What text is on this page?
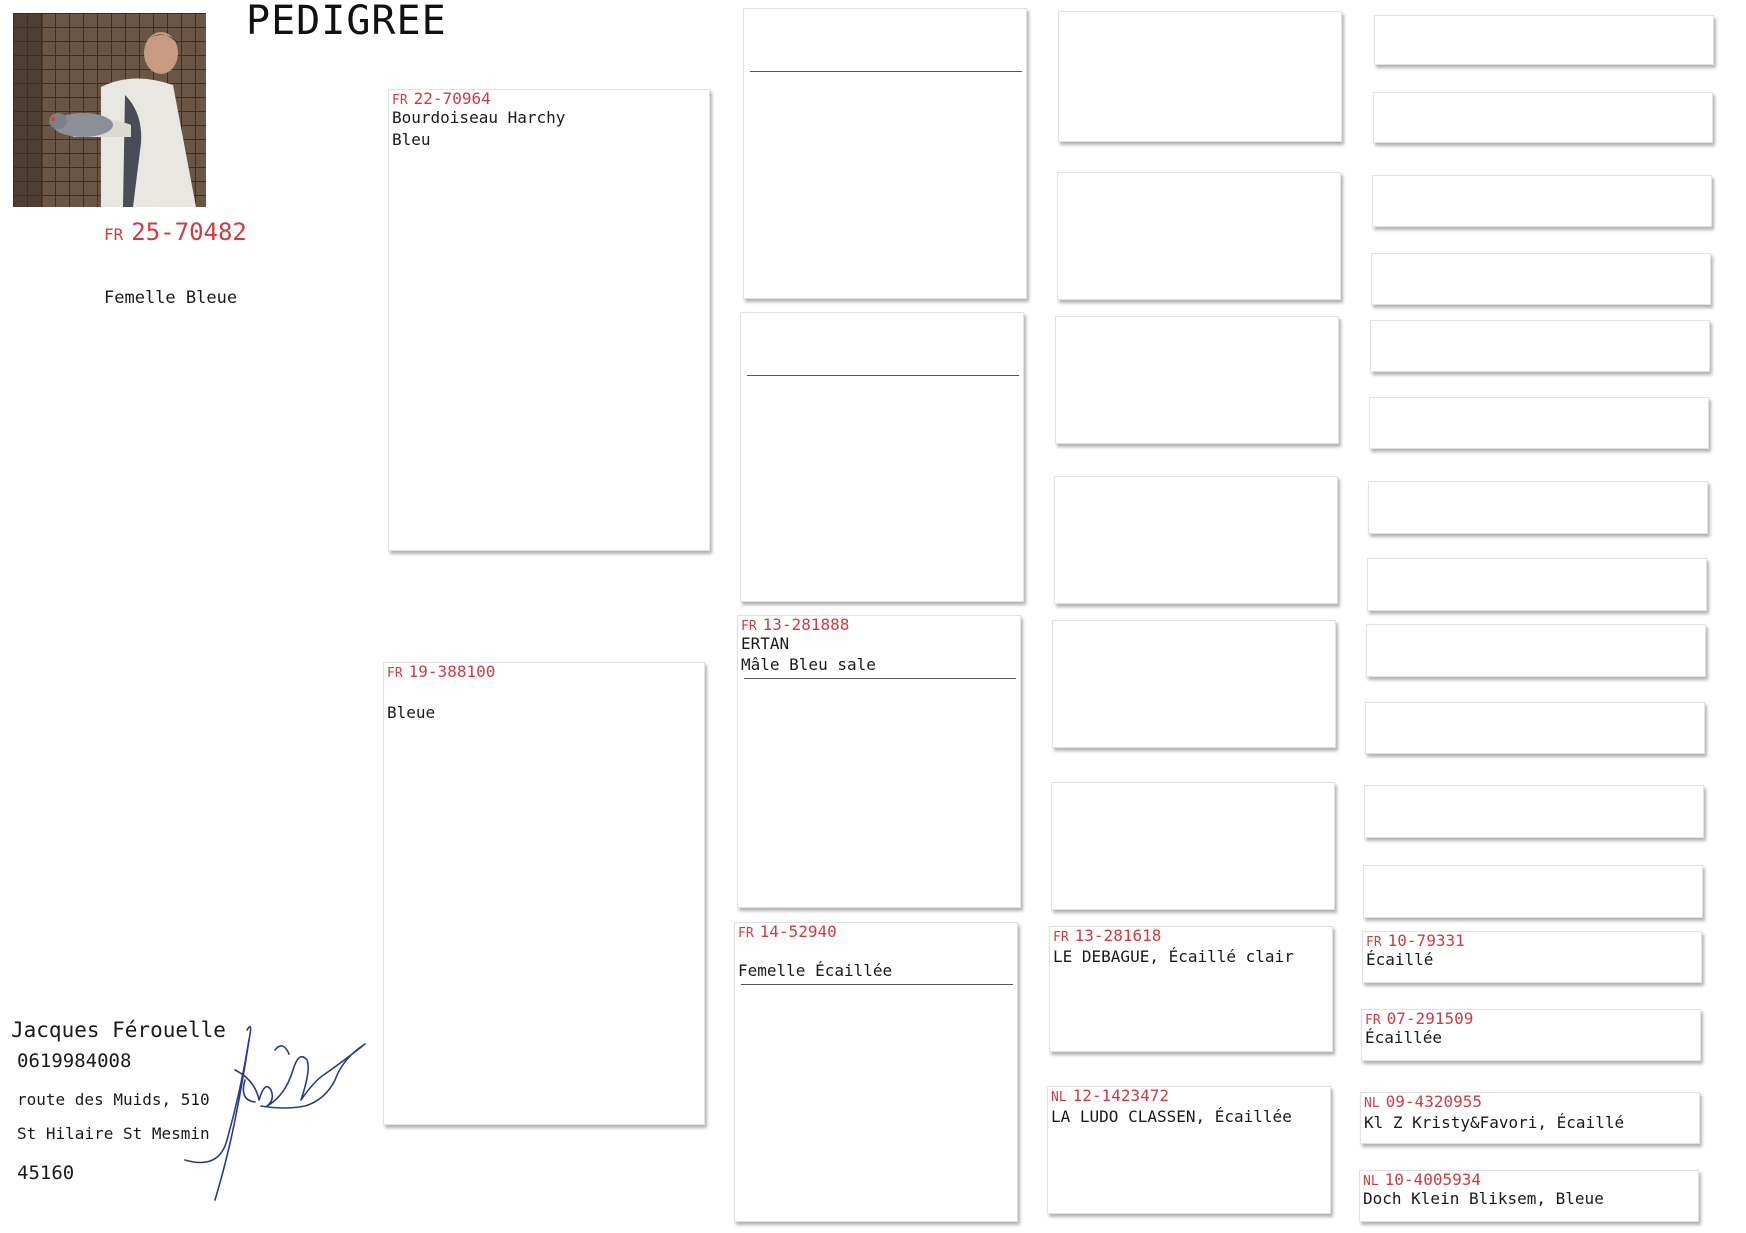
PEDIGREE
FR 25-70482
Femelle Bleue
FR 22-70964
Bourdoiseau Harchy
Bleu
FR 19-388100
Bleue
FR 13-281888
ERTAN
Mâle Bleu sale
FR 14-52940
Femelle Écaillée
FR 13-281618
LE DEBAGUE, Écaillé clair
NL 12-1423472
LA LUDO CLASSEN, Écaillée
FR 10-79331
Écaillé
FR 07-291509
Écaillée
NL 09-4320955
Kl Z Kristy&Favori, Écaillé
NL 10-4005934
Doch Klein Bliksem, Bleue
Jacques Férouelle
0619984008
route des Muids, 510
St Hilaire St Mesmin
45160
